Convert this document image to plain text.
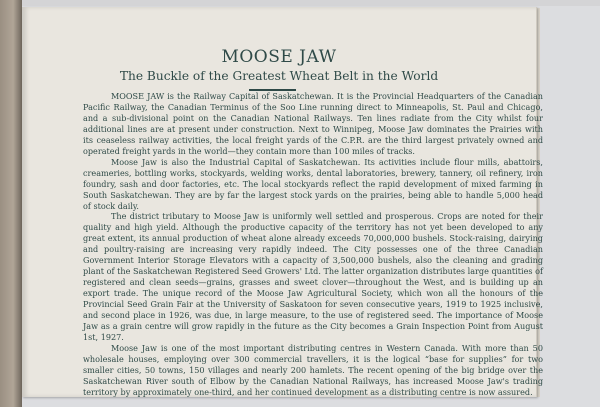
MOOSE JAW
The Buckle of the Greatest Wheat Belt in the World

MOOSE JAW is the Railway Capital of Saskatchewan. It is the Provincial Headquarters of the Canadian Pacific Railway, the Canadian Terminus of the Soo Line running direct to Minneapolis, St. Paul and Chicago, and a sub-divisional point on the Canadian National Railways. Ten lines radiate from the City whilst four additional lines are at present under construction. Next to Winnipeg, Moose Jaw dominates the Prairies with its ceaseless railway activities, the local freight yards of the C.P.R. are the third largest privately owned and operated freight yards in the world—they contain more than 100 miles of tracks.

Moose Jaw is also the Industrial Capital of Saskatchewan. Its activities include flour mills, abattoirs, creameries, bottling works, stockyards, welding works, dental laboratories, brewery, tannery, oil refinery, iron foundry, sash and door factories, etc. The local stockyards reflect the rapid development of mixed farming in South Saskatchewan. They are by far the largest stock yards on the prairies, being able to handle 5,000 head of stock daily.

The district tributary to Moose Jaw is uniformly well settled and prosperous. Crops are noted for their quality and high yield. Although the productive capacity of the territory has not yet been developed to any great extent, its annual production of wheat alone already exceeds 70,000,000 bushels. Stock-raising, dairying and poultry-raising are increasing very rapidly indeed. The City possesses one of the three Canadian Government Interior Storage Elevators with a capacity of 3,500,000 bushels, also the cleaning and grading plant of the Saskatchewan Registered Seed Growers' Ltd. The latter organization distributes large quantities of registered and clean seeds—grains, grasses and sweet clover—throughout the West, and is building up an export trade. The unique record of the Moose Jaw Agricultural Society, which won all the honours of the Provincial Seed Grain Fair at the University of Saskatoon for seven consecutive years, 1919 to 1925 inclusive, and second place in 1926, was due, in large measure, to the use of registered seed. The importance of Moose Jaw as a grain centre will grow rapidly in the future as the City becomes a Grain Inspection Point from August 1st, 1927.

Moose Jaw is one of the most important distributing centres in Western Canada. With more than 50 wholesale houses, employing over 300 commercial travellers, it is the logical “base for supplies” for two smaller cities, 50 towns, 150 villages and nearly 200 hamlets. The recent opening of the big bridge over the Saskatchewan River south of Elbow by the Canadian National Railways, has increased Moose Jaw's trading territory by approximately one-third, and her continued development as a distributing centre is now assured.
